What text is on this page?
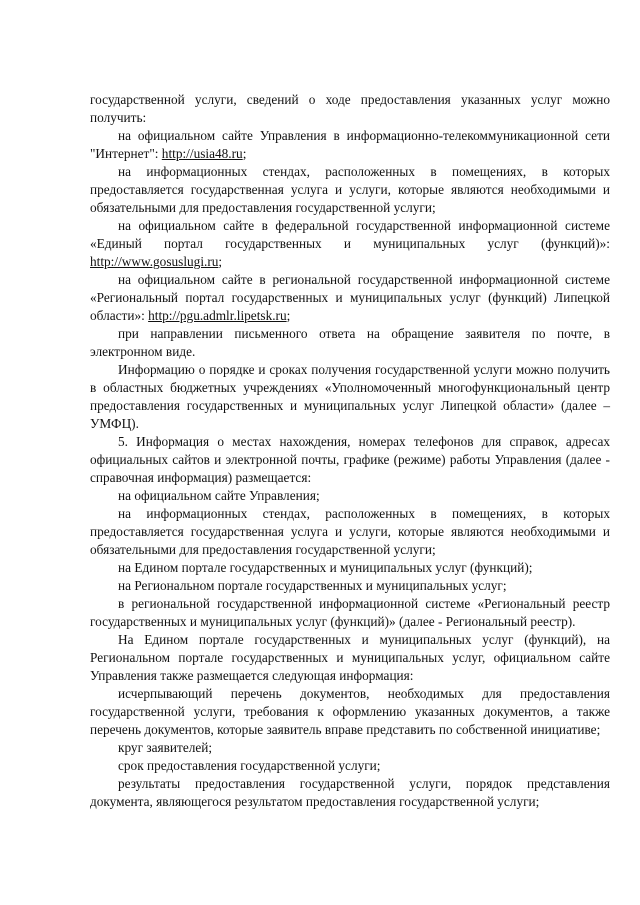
государственной услуги, сведений о ходе предоставления указанных услуг можно получить:

на официальном сайте Управления в информационно-телекоммуникационной сети "Интернет": http://usia48.ru;

на информационных стендах, расположенных в помещениях, в которых предоставляется государственная услуга и услуги, которые являются необходимыми и обязательными для предоставления государственной услуги;

на официальном сайте в федеральной государственной информационной системе «Единый портал государственных и муниципальных услуг (функций)»: http://www.gosuslugi.ru;

на официальном сайте в региональной государственной информационной системе «Региональный портал государственных и муниципальных услуг (функций) Липецкой области»: http://pgu.admlr.lipetsk.ru;

при направлении письменного ответа на обращение заявителя по почте, в электронном виде.

Информацию о порядке и сроках получения государственной услуги можно получить в областных бюджетных учреждениях «Уполномоченный многофункциональный центр предоставления государственных и муниципальных услуг Липецкой области» (далее – УМФЦ).

5. Информация о местах нахождения, номерах телефонов для справок, адресах официальных сайтов и электронной почты, графике (режиме) работы Управления (далее - справочная информация) размещается:

на официальном сайте Управления;

на информационных стендах, расположенных в помещениях, в которых предоставляется государственная услуга и услуги, которые являются необходимыми и обязательными для предоставления государственной услуги;

на Едином портале государственных и муниципальных услуг (функций);

на Региональном портале государственных и муниципальных услуг;

в региональной государственной информационной системе «Региональный реестр государственных и муниципальных услуг (функций)» (далее - Региональный реестр).

На Едином портале государственных и муниципальных услуг (функций), на Региональном портале государственных и муниципальных услуг, официальном сайте Управления также размещается следующая информация:

исчерпывающий перечень документов, необходимых для предоставления государственной услуги, требования к оформлению указанных документов, а также перечень документов, которые заявитель вправе представить по собственной инициативе;

круг заявителей;

срок предоставления государственной услуги;

результаты предоставления государственной услуги, порядок представления документа, являющегося результатом предоставления государственной услуги;
